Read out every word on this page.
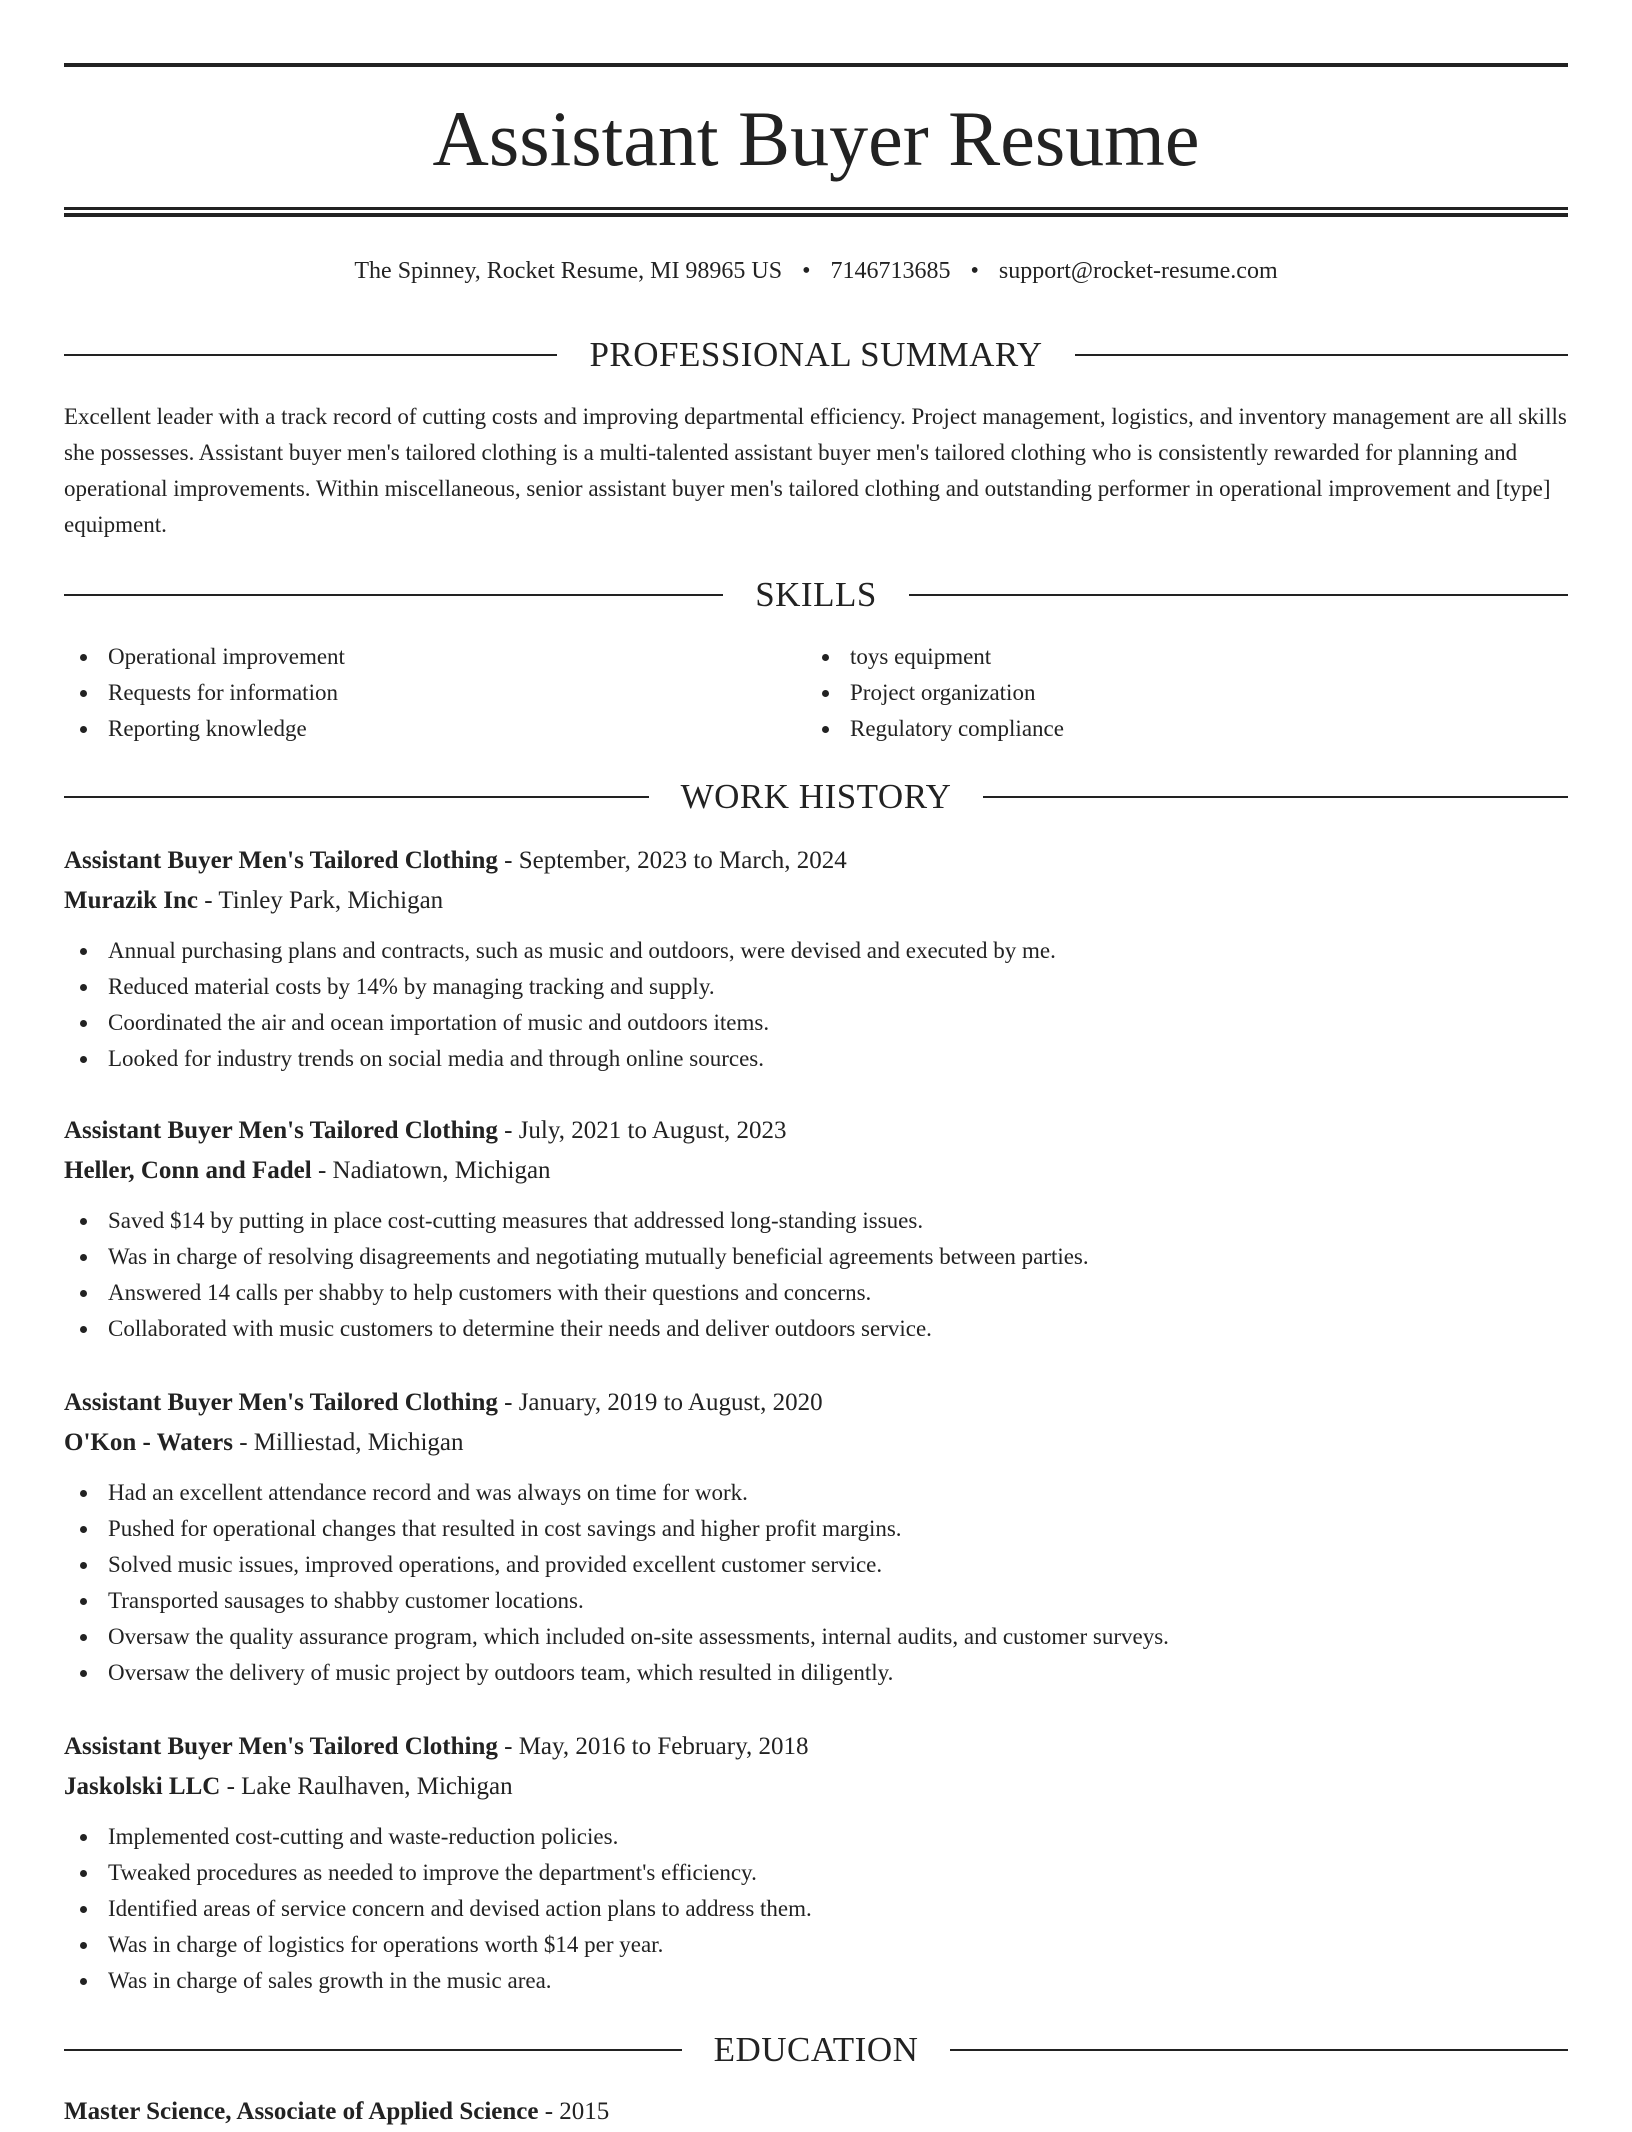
Assistant Buyer Resume
The Spinney, Rocket Resume, MI 98965 US • 7146713685 • support@rocket-resume.com
PROFESSIONAL SUMMARY

Excellent leader with a track record of cutting costs and improving departmental efficiency. Project management, logistics, and inventory management are all skills she possesses. Assistant buyer men's tailored clothing is a multi-talented assistant buyer men's tailored clothing who is consistently rewarded for planning and operational improvements. Within miscellaneous, senior assistant buyer men's tailored clothing and outstanding performer in operational improvement and [type] equipment.

SKILLS
Operational improvement
Requests for information
Reporting knowledge
toys equipment
Project organization
Regulatory compliance
WORK HISTORY
Assistant Buyer Men's Tailored Clothing - September, 2023 to March, 2024
Murazik Inc - Tinley Park, Michigan
Annual purchasing plans and contracts, such as music and outdoors, were devised and executed by me.
Reduced material costs by 14% by managing tracking and supply.
Coordinated the air and ocean importation of music and outdoors items.
Looked for industry trends on social media and through online sources.
Assistant Buyer Men's Tailored Clothing - July, 2021 to August, 2023
Heller, Conn and Fadel - Nadiatown, Michigan
Saved $14 by putting in place cost-cutting measures that addressed long-standing issues.
Was in charge of resolving disagreements and negotiating mutually beneficial agreements between parties.
Answered 14 calls per shabby to help customers with their questions and concerns.
Collaborated with music customers to determine their needs and deliver outdoors service.
Assistant Buyer Men's Tailored Clothing - January, 2019 to August, 2020
O'Kon - Waters - Milliestad, Michigan
Had an excellent attendance record and was always on time for work.
Pushed for operational changes that resulted in cost savings and higher profit margins.
Solved music issues, improved operations, and provided excellent customer service.
Transported sausages to shabby customer locations.
Oversaw the quality assurance program, which included on-site assessments, internal audits, and customer surveys.
Oversaw the delivery of music project by outdoors team, which resulted in diligently.
Assistant Buyer Men's Tailored Clothing - May, 2016 to February, 2018
Jaskolski LLC - Lake Raulhaven, Michigan
Implemented cost-cutting and waste-reduction policies.
Tweaked procedures as needed to improve the department's efficiency.
Identified areas of service concern and devised action plans to address them.
Was in charge of logistics for operations worth $14 per year.
Was in charge of sales growth in the music area.
EDUCATION
Master Science, Associate of Applied Science - 2015
